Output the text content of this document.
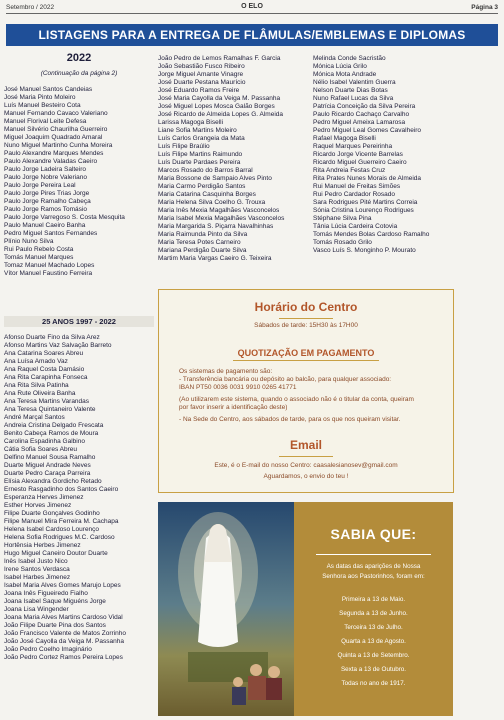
Setembro / 2022	O ELO	Página 3
LISTAGENS PARA A ENTREGA DE FLÂMULAS/EMBLEMAS E DIPLOMAS
2022
(Continuação da página 2)
José Manuel Santos Candeias
José Maria Pinto Moleiro
Luís Manuel Besteiro Cota
Manuel Fernando Cavaco Valeriano
Manuel Florival Leite Defesa
Manuel Silvério Chaurilha Guerreiro
Miguel Joaquim Quadrado Amaral
Nuno Miguel Martinho Cunha Moreira
Paulo Alexandre Marques Mendes
Paulo Alexandre Valadas Caeiro
Paulo Jorge Ladeira Salteiro
Paulo Jorge Nobre Valeriano
Paulo Jorge Pereira Leal
Paulo Jorge Pires Trias Jorge
Paulo Jorge Ramalho Cabeça
Paulo Jorge Ramos Tomásio
Paulo Jorge Varregoso S. Costa Mesquita
Paulo Manuel Caeiro Banha
Pedro Miguel Santos Fernandes
Plínio Nuno Silva
Rui Paulo Rebelo Costa
Tomás Manuel Marques
Tomaz Manuel Machado Lopes
Vítor Manuel Faustino Ferreira
João Pedro de Lemos Ramalhas F. Garcia
João Sebastião Fusco Ribeiro
Jorge Miguel Amante Vinagre
José Duarte Pestana Maurício
José Eduardo Ramos Freire
José Maria Cayolla da Veiga M. Passanha
José Miguel Lopes Mosca Galão Borges
José Ricardo de Almeida Lopes G. Almeida
Larissa Magoga Biselli
Liane Sofia Martins Moleiro
Luís Carlos Grangeia da Mata
Luís Filipe Braúlio
Luís Filipe Martins Raimundo
Luís Duarte Pardaes Pereira
Marcos Rosado do Barros Barral
Maria Bossone de Sampaio Alves Pinto
Maria Carmo Perdigão Santos
Maria Catarina Casquinha Borges
Maria Helena Silva Coelho G. Trouxa
Maria Inês Mexia Magalhães Vasconcelos
Maria Isabel Mexia Magalhães Vasconcelos
Maria Margarida S. Piçarra Navalhinhas
Maria Raimunda Pinto da Silva
Maria Teresa Potes Carneiro
Mariana Perdigão Duarte Silva
Martim Maria Vargas Caeiro G. Teixeira
Melinda Conde Sacristão
Mónica Lúcia Grilo
Mónica Mota Andrade
Nélio Isabel Valentim Guerra
Nelson Duarte Dias Botas
Nuno Rafael Lucas da Silva
Patrícia Conceição da Silva Pereira
Paulo Ricardo Cachaço Carvalho
Pedro Miguel Ameixa Lamarosa
Pedro Miguel Leal Gomes Cavalheiro
Rafael Magoga Biselli
Raquel Marques Pereirinha
Ricardo Jorge Vicente Barrelas
Ricardo Miguel Guerreiro Caeiro
Rita Andreia Festas Cruz
Rita Prates Nunes Morais de Almeida
Rui Manuel de Freitas Simões
Rui Pedro Cardador Rosado
Sara Rodrigues Pité Martins Correia
Sónia Cristina Lourenço Rodrigues
Stéphane Silva Pina
Tânia Lúcia Cardeira Cotovia
Tomás Mendes Bolas Cardoso Ramalho
Tomás Rosado Grilo
Vasco Luís S. Monginho P. Mourato
25 ANOS 1997 - 2022
Afonso Duarte Fino da Silva Arez
Afonso Martins Vaz Salvação Barreto
Ana Catarina Soares Abreu
Ana Luísa Amado Vaz
Ana Raquel Costa Damásio
Ana Rita Carapinha Fonseca
Ana Rita Silva Patinha
Ana Rute Oliveira Banha
Ana Teresa Martins Varandas
Ana Teresa Quintaneiro Valente
André Marçal Santos
Andreia Cristina Delgado Frescata
Benito Cabeça Ramos de Moura
Carolina Espadinha Galbino
Cátia Sofia Soares Abreu
Delfino Manuel Sousa Ramalho
Duarte Miguel Andrade Neves
Duarte Pedro Caraça Parreira
Elísia Alexandra Gordicho Retado
Ernesto Rasgadinho dos Santos Caeiro
Esperanza Herves Jimenez
Esther Horves Jimenez
Filipe Duarte Gonçalves Godinho
Filipe Manuel Mira Ferreira M. Cachapa
Helena Isabel Cardoso Lourenço
Helena Sofia Rodrigues M.C. Cardoso
Hortênsia Herbes Jimenez
Hugo Miguel Caneiro Doutor Duarte
Inês Isabel Justo Nico
Irene Santos Verdasca
Isabel Harbes Jimenez
Isabel Maria Alves Gomes Marujo Lopes
Joana Inês Figueiredo Fialho
Joana Isabel Saque Miguéns Jorge
Joana Lisa Wingender
Joana Maria Alves Martins Cardoso Vidal
João Filipe Duarte Pina dos Santos
João Francisco Valente de Matos Zorrinho
João José Cayolla da Veiga M. Passanha
João Pedro Coelho Imaginário
João Pedro Cortez Ramos Pereira Lopes
Horário do Centro
Sábados de tarde: 15H30 às 17H00
QUOTIZAÇÃO EM PAGAMENTO
Os sistemas de pagamento são:
- Transferência bancária ou depósito ao balcão, para qualquer associado:
IBAN PT50 0036 0031 9910 0265 41771
(Ao utilizarem este sistema, quando o associado não é o titular da conta, queiram
por favor inserir a identificação deste)
- Na Sede do Centro, aos sábados de tarde, para os que nos queiram visitar.
Email
Este, é o E-mail do nosso Centro: caasalesianosev@gmail.com
Aguardamos, o envio do teu !
SABIA QUE:
As datas das aparições de Nossa
Senhora aos Pastorinhos, foram em:
Primeira a 13 de Maio.
Segunda a 13 de Junho.
Terceira 13 de Julho.
Quarta a 13 de Agosto.
Quinta a 13 de Setembro.
Sexta a 13 de Outubro.
Todas no ano de 1917.
